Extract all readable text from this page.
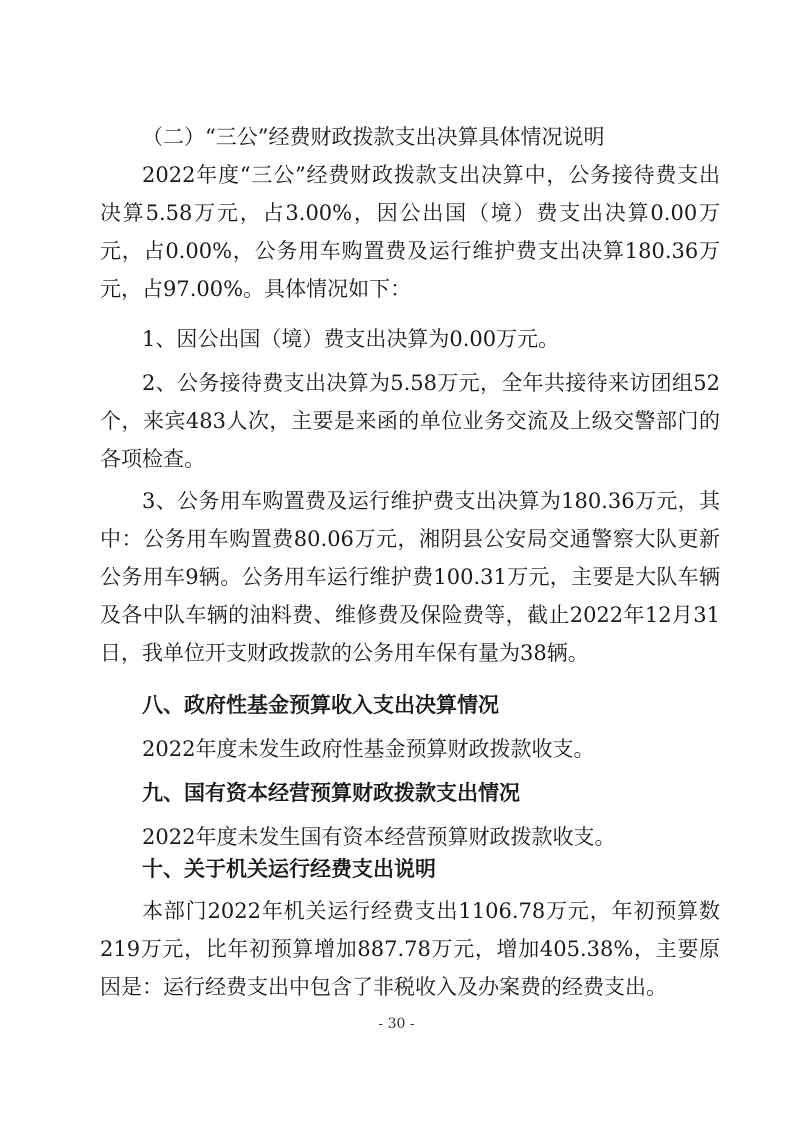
（二）“三公”经费财政拨款支出决算具体情况说明

2022年度“三公”经费财政拨款支出决算中，公务接待费支出决算5.58万元，占3.00%，因公出国（境）费支出决算0.00万元，占0.00%，公务用车购置费及运行维护费支出决算180.36万元，占97.00%。具体情况如下：

1、因公出国（境）费支出决算为0.00万元。

2、公务接待费支出决算为5.58万元，全年共接待来访团组52个，来宾483人次，主要是来函的单位业务交流及上级交警部门的各项检查。

3、公务用车购置费及运行维护费支出决算为180.36万元，其中：公务用车购置费80.06万元，湘阴县公安局交通警察大队更新公务用车9辆。公务用车运行维护费100.31万元，主要是大队车辆及各中队车辆的油料费、维修费及保险费等，截止2022年12月31日，我单位开支财政拨款的公务用车保有量为38辆。

八、政府性基金预算收入支出决算情况

2022年度未发生政府性基金预算财政拨款收支。

九、国有资本经营预算财政拨款支出情况

2022年度未发生国有资本经营预算财政拨款收支。

十、关于机关运行经费支出说明

本部门2022年机关运行经费支出1106.78万元，年初预算数219万元，比年初预算增加887.78万元，增加405.38%，主要原因是：运行经费支出中包含了非税收入及办案费的经费支出。

- 30 -
